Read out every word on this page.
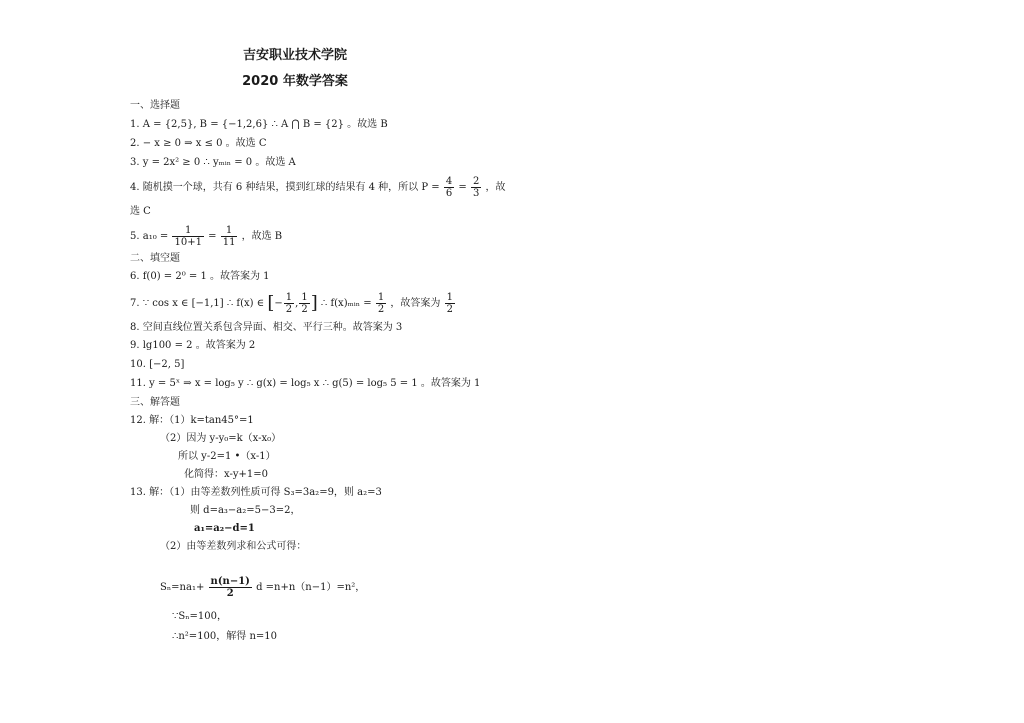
吉安职业技术学院
2020 年数学答案
一、选择题
1. A = {2,5}, B = {−1,2,6} ∴ A ⋂ B = {2} 。故选 B
2. − x ≥ 0 ⇒ x ≤ 0 。故选 C
3. y = 2x² ≥ 0 ∴ yₘᵢₙ = 0 。故选 A
4. 随机摸一个球，共有 6 种结果，摸到红球的结果有 4 种，所以 $P = \frac{4}{6} = \frac{2}{3}$ ，故
选 C
5. $a_{10} = \frac{1}{10+1} = \frac{1}{11}$ ，故选 B
二、填空题
6. f(0) = 2⁰ = 1 。故答案为 1
7. ∵ cos x ∈ [−1,1] ∴ f(x) ∈ [− $\frac{1}{2}$ , $\frac{1}{2}$ ] ∴ f(x)ₘᵢₙ = $\frac{1}{2}$ ，故答案为 $\frac{1}{2}$
8. 空间直线位置关系包含异面、相交、平行三种。故答案为 3
9. lg100 = 2 。故答案为 2
10. [−2, 5]
11. y = 5ˣ ⇒ x = log₅ y ∴ g(x) = log₅ x ∴ g(5) = log₅ 5 = 1 。故答案为 1
三、解答题
12. 解：（1）k=tan45°=1
（2）因为 y-y₀=k（x-x₀）
所以 y-2=1 •（x-1）
化简得：x-y+1=0
13. 解：（1）由等差数列性质可得 S₃=3a₂=9，则 a₂=3
则 d=a₃−a₂=5−3=2，
a₁=a₂−d=1
（2）由等差数列求和公式可得：
$S_n=na_1+ \frac{n(n-1)}{2}$ d =n+n（n−1）=n²，
∵Sₙ=100，
∴n²=100，解得 n=10
